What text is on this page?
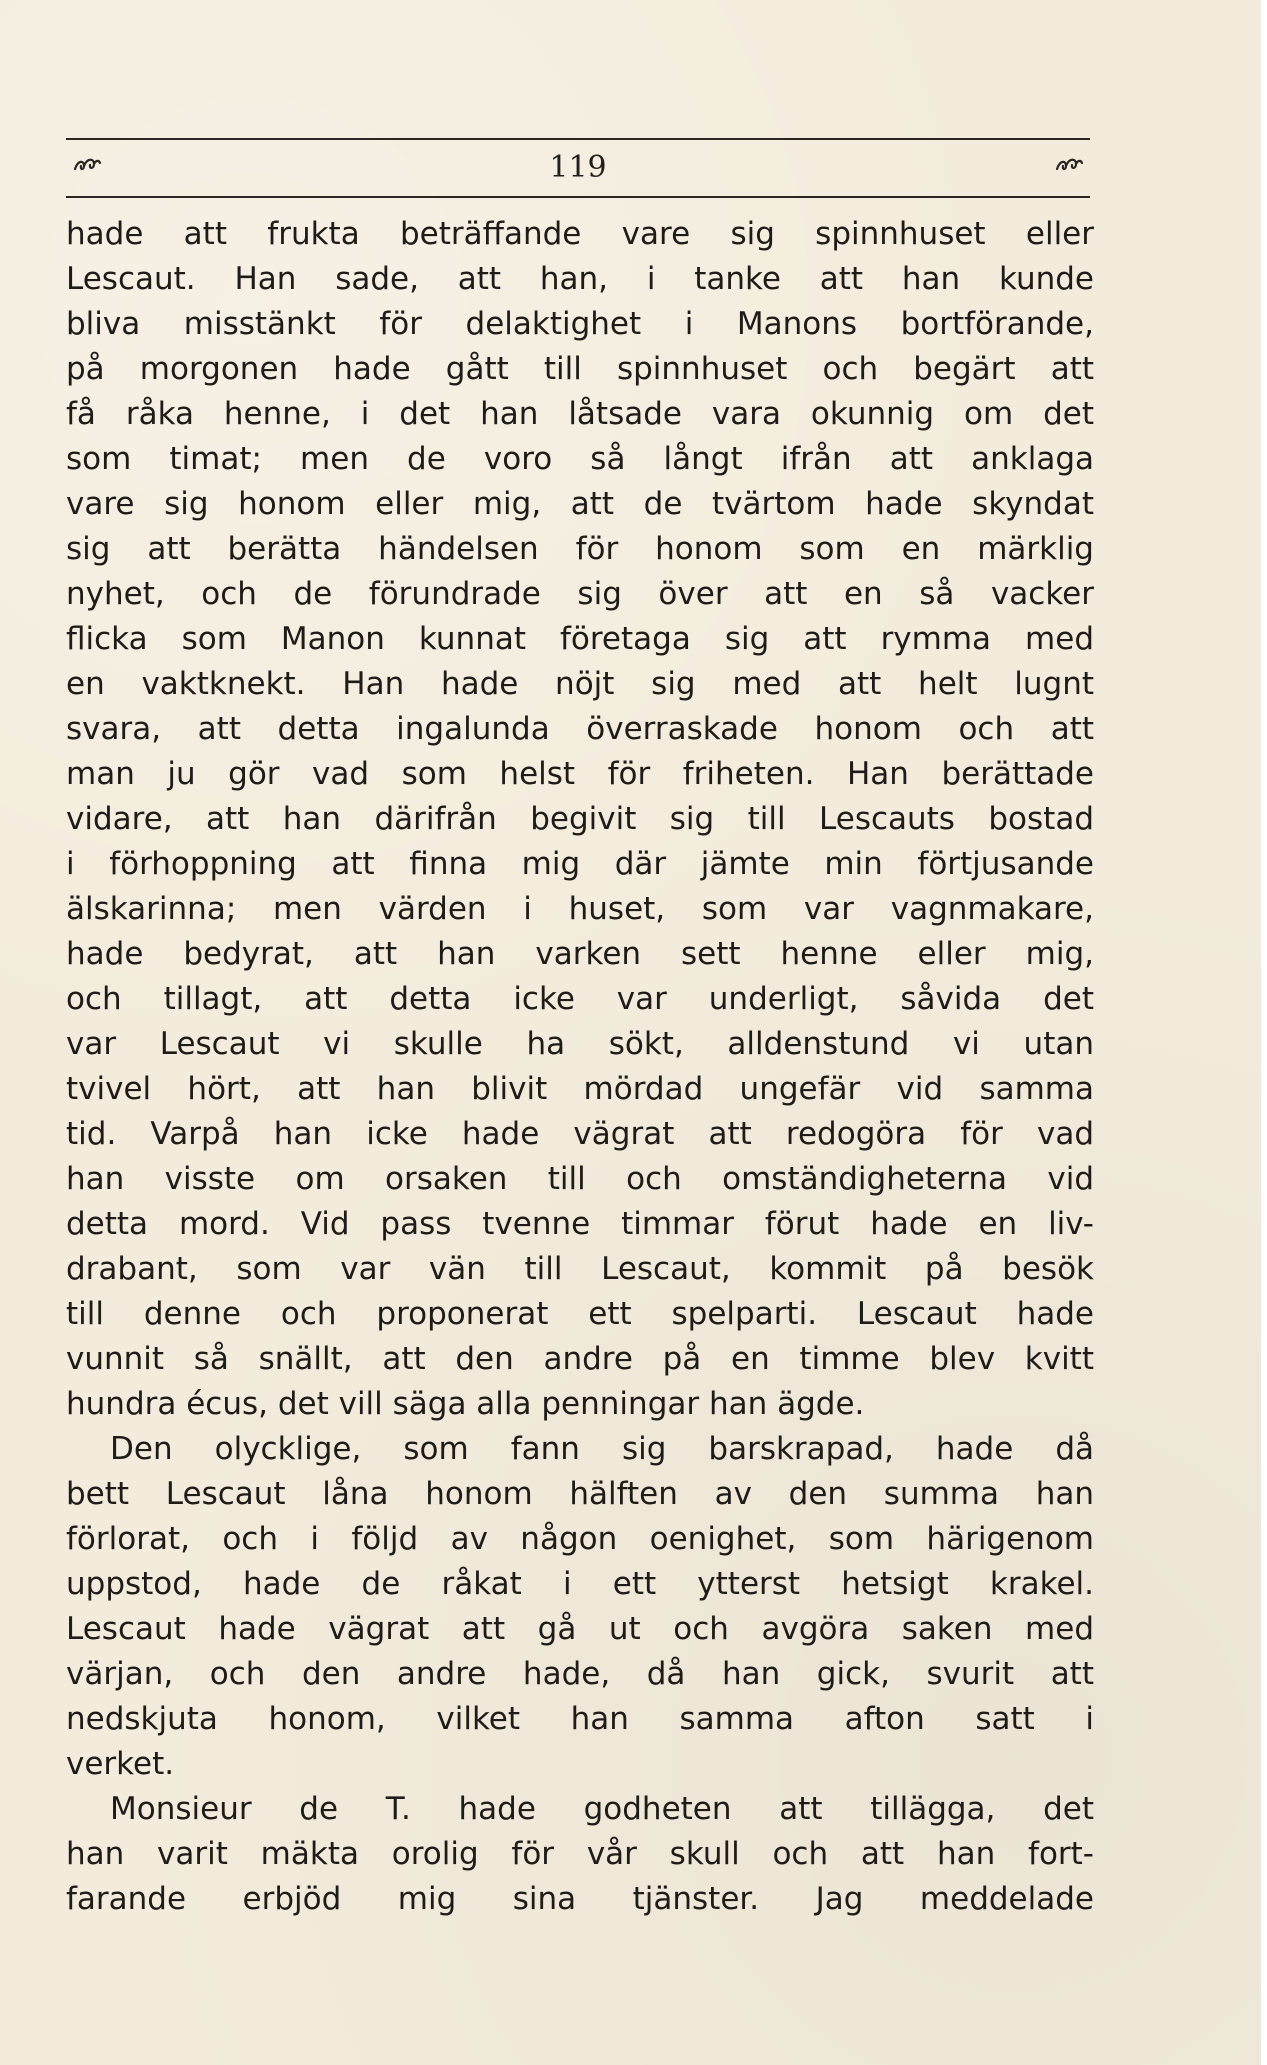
119
hade att frukta beträffande vare sig spinnhuset eller
Lescaut. Han sade, att han, i tanke att han kunde
bliva misstänkt för delaktighet i Manons bortförande,
på morgonen hade gått till spinnhuset och begärt att
få råka henne, i det han låtsade vara okunnig om det
som timat; men de voro så långt ifrån att anklaga
vare sig honom eller mig, att de tvärtom hade skyndat
sig att berätta händelsen för honom som en märklig
nyhet, och de förundrade sig över att en så vacker
flicka som Manon kunnat företaga sig att rymma med
en vaktknekt. Han hade nöjt sig med att helt lugnt
svara, att detta ingalunda överraskade honom och att
man ju gör vad som helst för friheten. Han berättade
vidare, att han därifrån begivit sig till Lescauts bostad
i förhoppning att finna mig där jämte min förtjusande
älskarinna; men värden i huset, som var vagnmakare,
hade bedyrat, att han varken sett henne eller mig,
och tillagt, att detta icke var underligt, såvida det
var Lescaut vi skulle ha sökt, alldenstund vi utan
tvivel hört, att han blivit mördad ungefär vid samma
tid. Varpå han icke hade vägrat att redogöra för vad
han visste om orsaken till och omständigheterna vid
detta mord. Vid pass tvenne timmar förut hade en liv-
drabant, som var vän till Lescaut, kommit på besök
till denne och proponerat ett spelparti. Lescaut hade
vunnit så snällt, att den andre på en timme blev kvitt
hundra écus, det vill säga alla penningar han ägde.
Den olycklige, som fann sig barskrapad, hade då
bett Lescaut låna honom hälften av den summa han
förlorat, och i följd av någon oenighet, som härigenom
uppstod, hade de råkat i ett ytterst hetsigt krakel.
Lescaut hade vägrat att gå ut och avgöra saken med
värjan, och den andre hade, då han gick, svurit att
nedskjuta honom, vilket han samma afton satt i
verket.
Monsieur de T. hade godheten att tillägga, det
han varit mäkta orolig för vår skull och att han fort-
farande erbjöd mig sina tjänster. Jag meddelade
